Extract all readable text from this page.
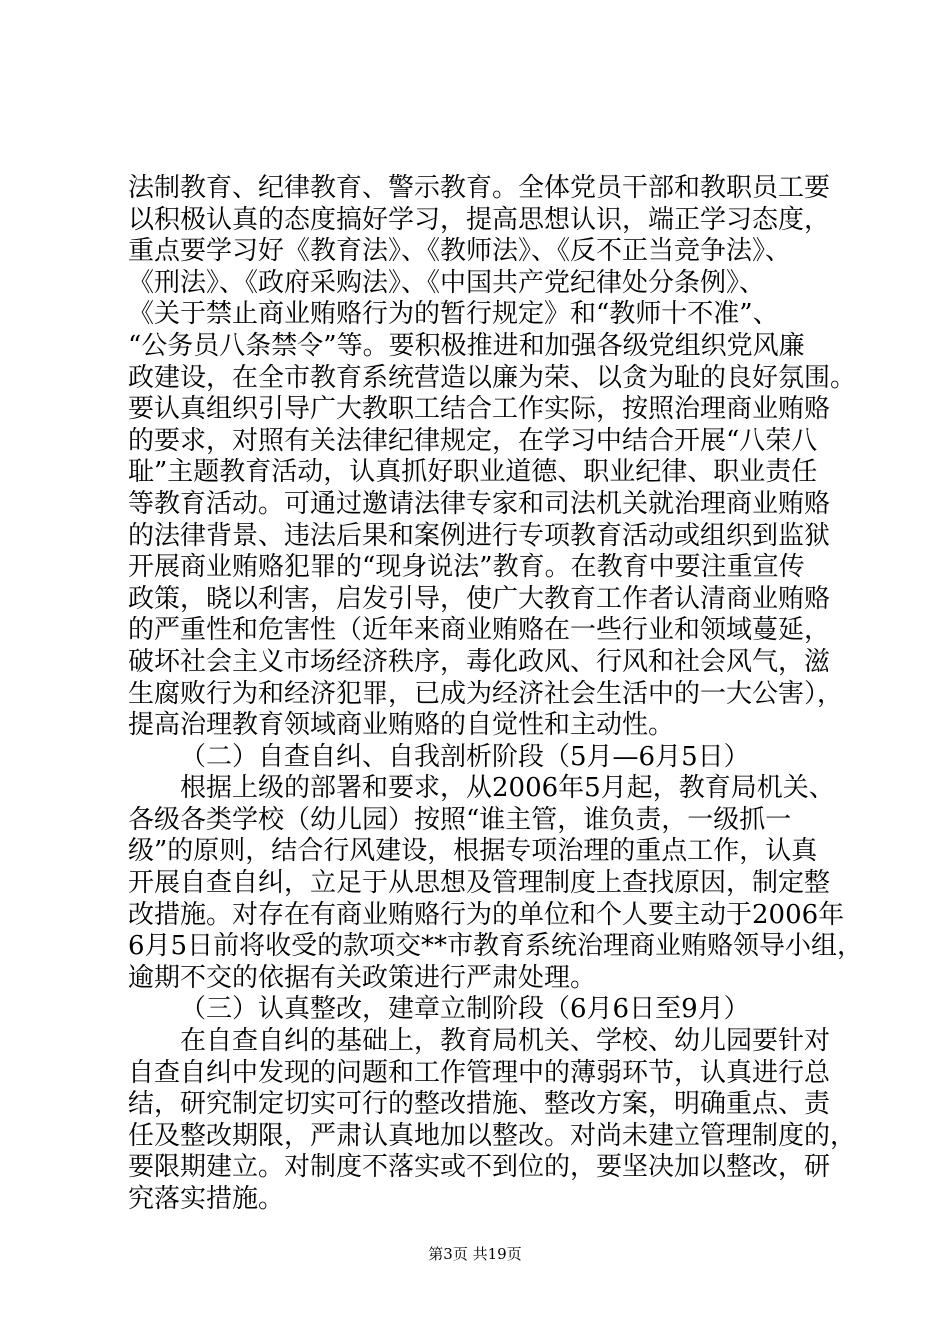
法制教育、纪律教育、警示教育。全体党员干部和教职员工要
以积极认真的态度搞好学习，提高思想认识，端正学习态度，
重点要学习好《教育法》、《教师法》、《反不正当竞争法》、
《刑法》、《政府采购法》、《中国共产党纪律处分条例》、
《关于禁止商业贿赂行为的暂行规定》和“教师十不准”、
“公务员八条禁令”等。要积极推进和加强各级党组织党风廉
政建设，在全市教育系统营造以廉为荣、以贪为耻的良好氛围。
要认真组织引导广大教职工结合工作实际，按照治理商业贿赂
的要求，对照有关法律纪律规定，在学习中结合开展“八荣八
耻”主题教育活动，认真抓好职业道德、职业纪律、职业责任
等教育活动。可通过邀请法律专家和司法机关就治理商业贿赂
的法律背景、违法后果和案例进行专项教育活动或组织到监狱
开展商业贿赂犯罪的“现身说法”教育。在教育中要注重宣传
政策，晓以利害，启发引导，使广大教育工作者认清商业贿赂
的严重性和危害性（近年来商业贿赂在一些行业和领域蔓延，
破坏社会主义市场经济秩序，毒化政风、行风和社会风气，滋
生腐败行为和经济犯罪，已成为经济社会生活中的一大公害），
提高治理教育领域商业贿赂的自觉性和主动性。
（二）自查自纠、自我剖析阶段（5月—6月5日）
根据上级的部署和要求，从2006年5月起，教育局机关、
各级各类学校（幼儿园）按照“谁主管，谁负责，一级抓一
级”的原则，结合行风建设，根据专项治理的重点工作，认真
开展自查自纠，立足于从思想及管理制度上查找原因，制定整
改措施。对存在有商业贿赂行为的单位和个人要主动于2006年
6月5日前将收受的款项交**市教育系统治理商业贿赂领导小组，
逾期不交的依据有关政策进行严肃处理。
（三）认真整改，建章立制阶段（6月6日至9月）
在自查自纠的基础上，教育局机关、学校、幼儿园要针对
自查自纠中发现的问题和工作管理中的薄弱环节，认真进行总
结，研究制定切实可行的整改措施、整改方案，明确重点、责
任及整改期限，严肃认真地加以整改。对尚未建立管理制度的，
要限期建立。对制度不落实或不到位的，要坚决加以整改，研
究落实措施。
第3页 共19页
